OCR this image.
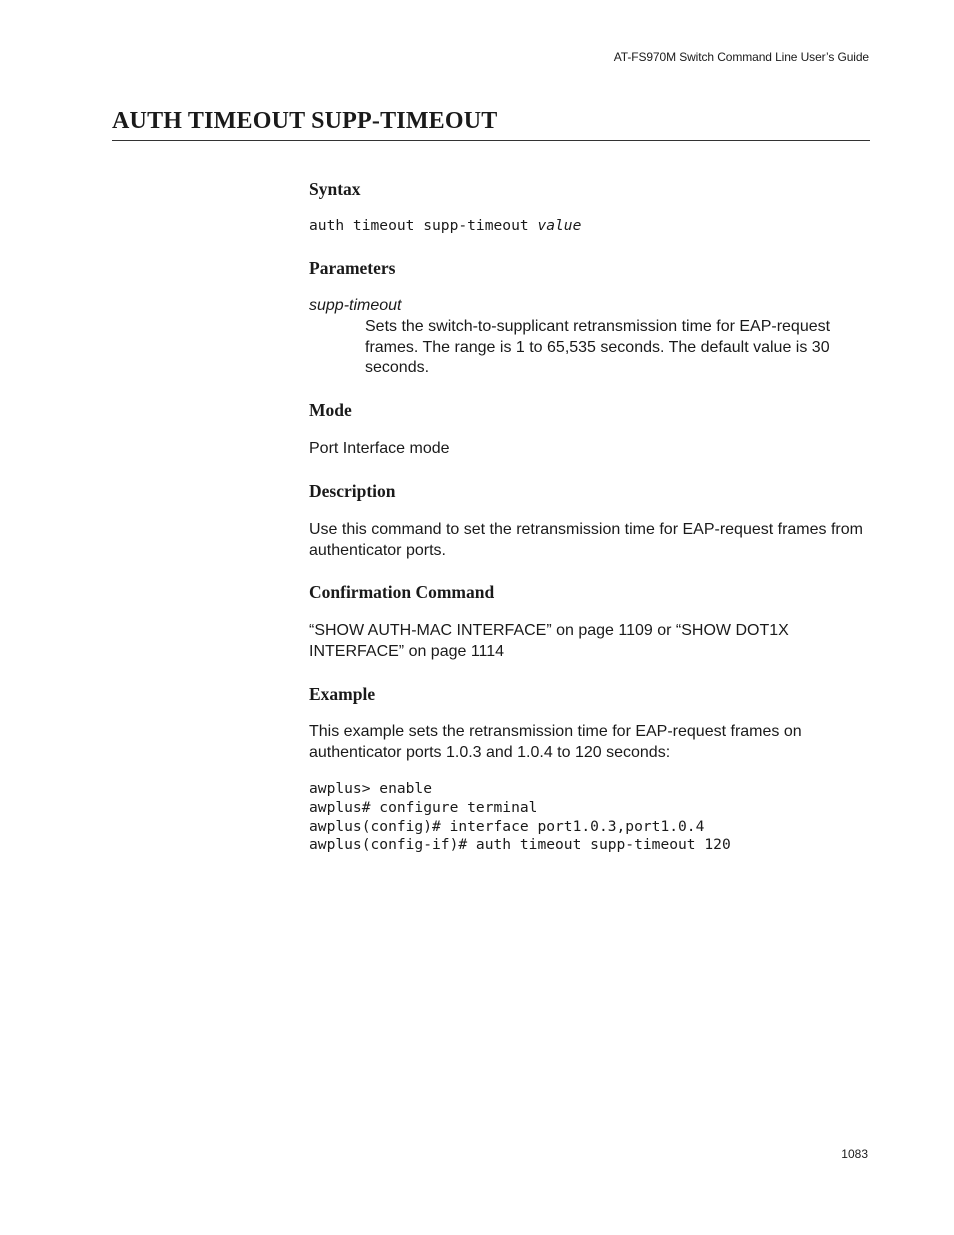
AT-FS970M Switch Command Line User’s Guide
AUTH TIMEOUT SUPP-TIMEOUT
Syntax
auth timeout supp-timeout value
Parameters
supp-timeout

Sets the switch-to-supplicant retransmission time for EAP-request frames. The range is 1 to 65,535 seconds. The default value is 30 seconds.

Mode

Port Interface mode

Description

Use this command to set the retransmission time for EAP-request frames from authenticator ports.

Confirmation Command

“SHOW AUTH-MAC INTERFACE” on page 1109 or “SHOW DOT1X INTERFACE” on page 1114

Example

This example sets the retransmission time for EAP-request frames on authenticator ports 1.0.3 and 1.0.4 to 120 seconds:

awplus> enable
awplus# configure terminal
awplus(config)# interface port1.0.3,port1.0.4
awplus(config-if)# auth timeout supp-timeout 120
1083
